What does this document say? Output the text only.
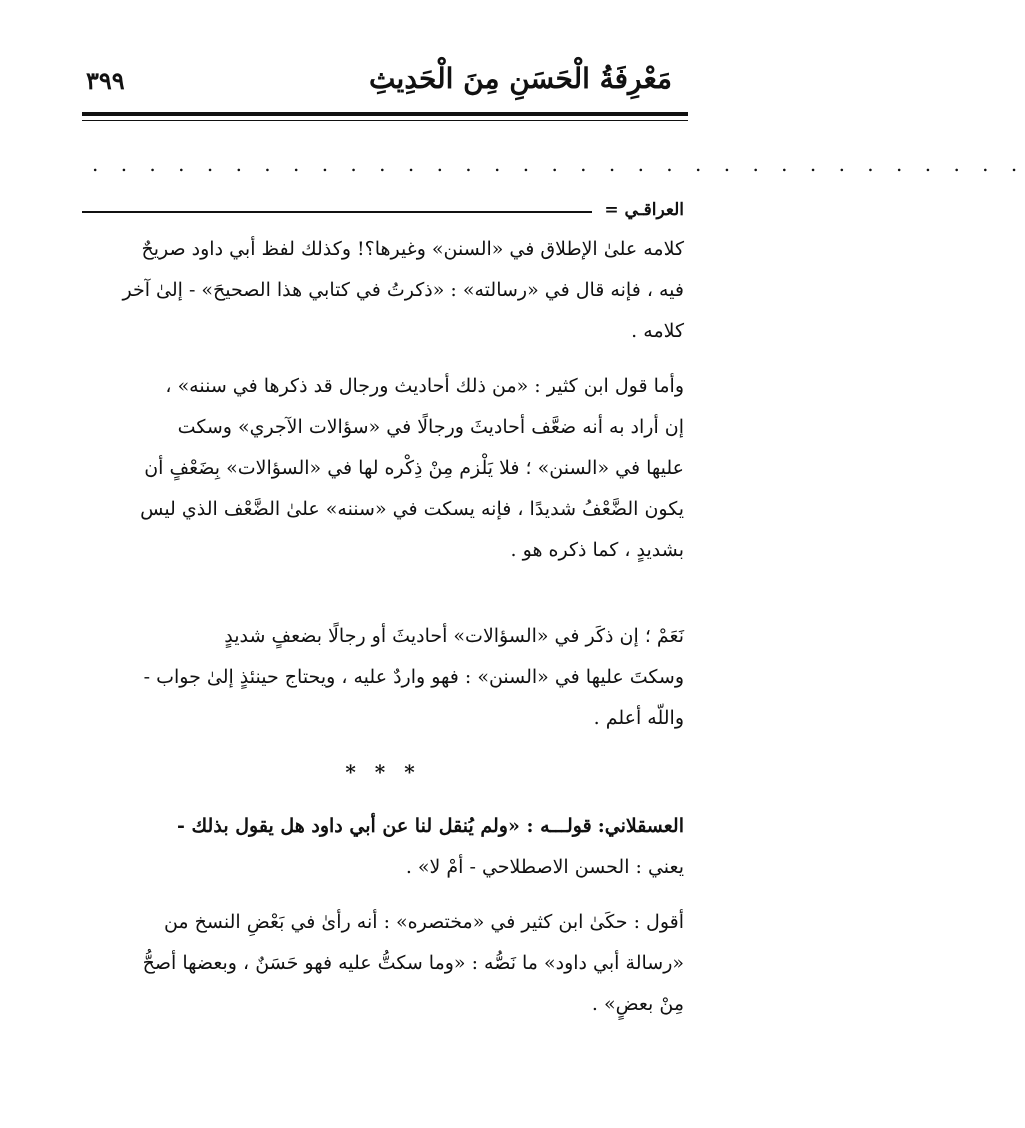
مَعْرِفَةُ الْحَسَنِ مِنَ الْحَدِيثِ
٣٩٩
. . . . . . . . . . . . . . . . . . . . . . . . . . . . . . . . .
العراقـي =

كلامه علىٰ الإطلاق في «السنن» وغيرها؟! وكذلك لفظ أبي داود صريحٌ

فيه ، فإنه قال في «رسالته» : «ذكرتُ في كتابي هذا الصحيحَ» - إلىٰ آخر

كلامه .

وأما قول ابن كثير : «من ذلك أحاديث ورجال قد ذكرها في سننه» ،

إن أراد به أنه ضعَّف أحاديثَ ورجالًا في «سؤالات الآجري» وسكت

عليها في «السنن» ؛ فلا يَلْزم مِنْ ذِكْره لها في «السؤالات» بِضَعْفٍ أن

يكون الضَّعْفُ شديدًا ، فإنه يسكت في «سننه» علىٰ الضَّعْف الذي ليس

بشديدٍ ، كما ذكره هو .

نَعَمْ ؛ إن ذكَر في «السؤالات» أحاديثَ أو رجالًا بضعفٍ شديدٍ

وسكتَ عليها في «السنن» : فهو واردٌ عليه ، ويحتاج حينئذٍ إلىٰ جواب -

واللّه أعلم .

* * *

العسقلاني: قولـــه : «ولم يُنقل لنا عن أبي داود هل يقول بذلك -

يعني : الحسن الاصطلاحي - أمْ لا» .

أقول : حكَىٰ ابن كثير في «مختصره» : أنه رأىٰ في بَعْضِ النسخ من

«رسالة أبي داود» ما نَصُّه : «وما سكتُّ عليه فهو حَسَنٌ ، وبعضها أصحُّ

مِنْ بعضٍ» .
